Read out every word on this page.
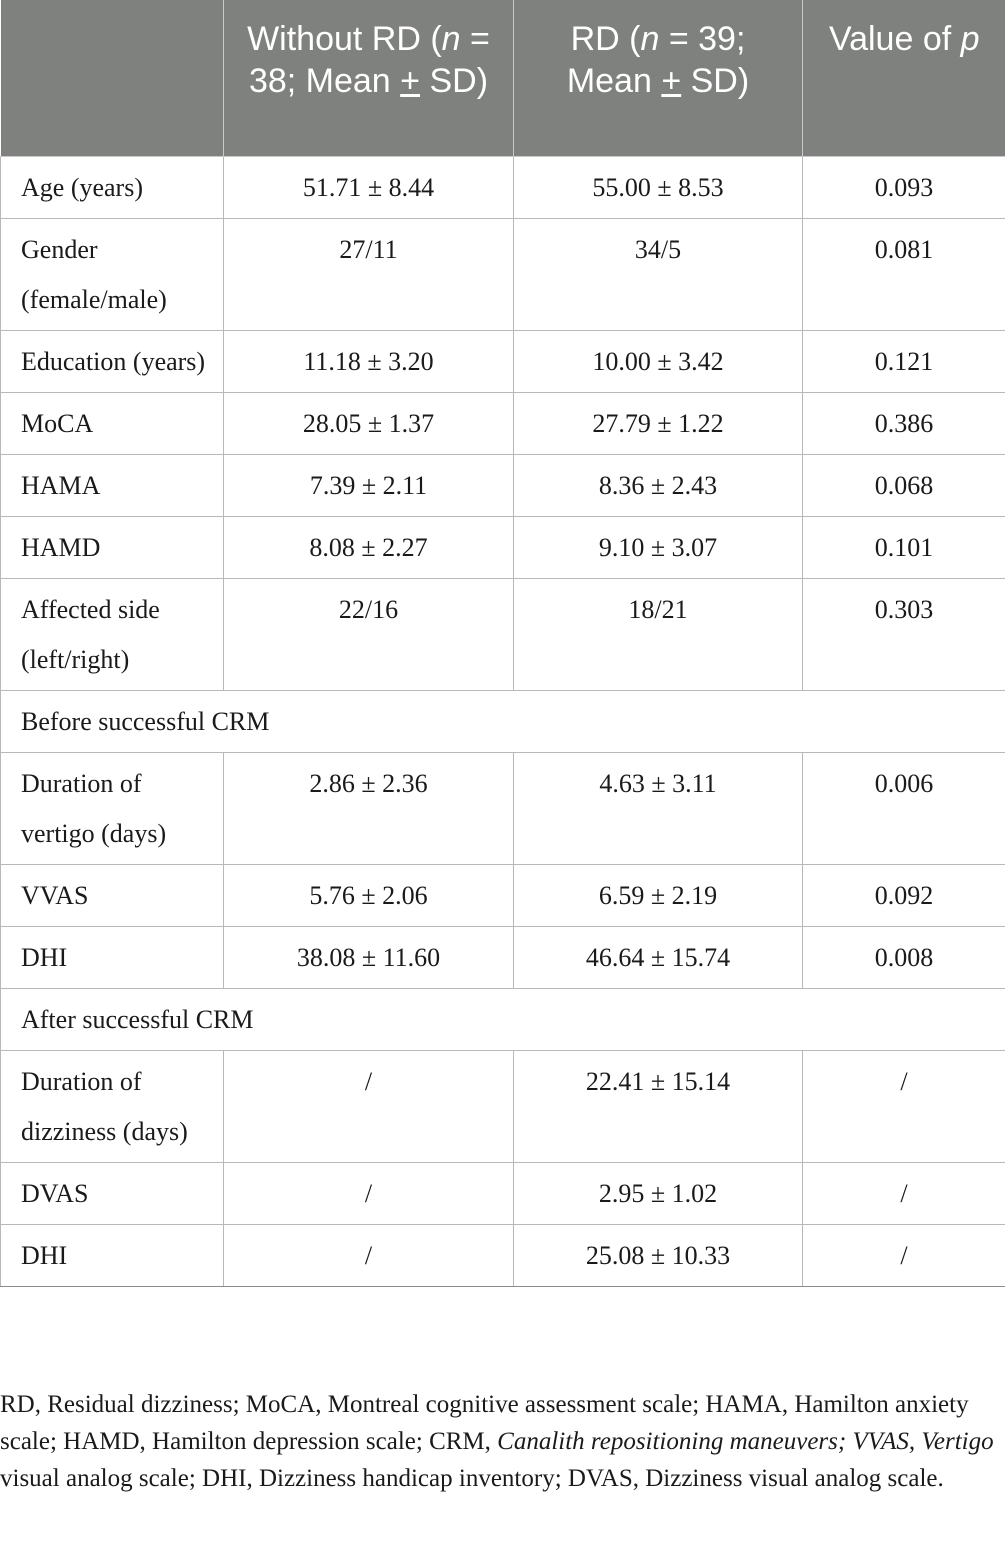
	Without RD (n = 38; Mean + SD)	RD (n = 39; Mean + SD)	Value of p
Age (years)	51.71 ± 8.44	55.00 ± 8.53	0.093
Gender (female/male)	27/11	34/5	0.081
Education (years)	11.18 ± 3.20	10.00 ± 3.42	0.121
MoCA	28.05 ± 1.37	27.79 ± 1.22	0.386
HAMA	7.39 ± 2.11	8.36 ± 2.43	0.068
HAMD	8.08 ± 2.27	9.10 ± 3.07	0.101
Affected side (left/right)	22/16	18/21	0.303
Before successful CRM			
Duration of vertigo (days)	2.86 ± 2.36	4.63 ± 3.11	0.006
VVAS	5.76 ± 2.06	6.59 ± 2.19	0.092
DHI	38.08 ± 11.60	46.64 ± 15.74	0.008
After successful CRM			
Duration of dizziness (days)	/	22.41 ± 15.14	/
DVAS	/	2.95 ± 1.02	/
DHI	/	25.08 ± 10.33	/

RD, Residual dizziness; MoCA, Montreal cognitive assessment scale; HAMA, Hamilton anxiety scale; HAMD, Hamilton depression scale; CRM, Canalith repositioning maneuvers; VVAS, Vertigo visual analog scale; DHI, Dizziness handicap inventory; DVAS, Dizziness visual analog scale.
